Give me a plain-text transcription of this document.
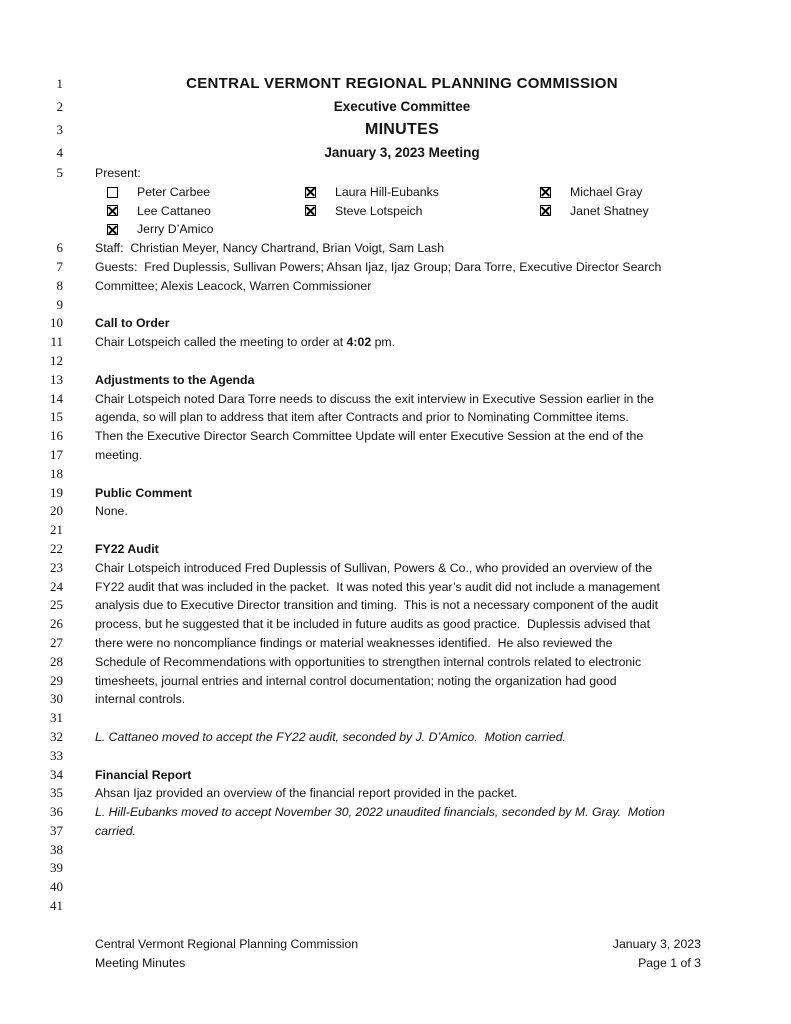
1	CENTRAL VERMONT REGIONAL PLANNING COMMISSION
2	Executive Committee
3	MINUTES
4	January 3, 2023 Meeting
5	Present:
Peter Carbee	Laura Hill-Eubanks	Michael Gray
Lee Cattaneo	Steve Lotspeich	Janet Shatney
Jerry D’Amico
6	Staff:  Christian Meyer, Nancy Chartrand, Brian Voigt, Sam Lash
7	Guests:  Fred Duplessis, Sullivan Powers; Ahsan Ijaz, Ijaz Group; Dara Torre, Executive Director Search
8	Committee; Alexis Leacock, Warren Commissioner
9
10	Call to Order
11	Chair Lotspeich called the meeting to order at 4:02 pm.
12
13	Adjustments to the Agenda
14	Chair Lotspeich noted Dara Torre needs to discuss the exit interview in Executive Session earlier in the
15	agenda, so will plan to address that item after Contracts and prior to Nominating Committee items.
16	Then the Executive Director Search Committee Update will enter Executive Session at the end of the
17	meeting.
18
19	Public Comment
20	None.
21
22	FY22 Audit
23	Chair Lotspeich introduced Fred Duplessis of Sullivan, Powers & Co., who provided an overview of the
24	FY22 audit that was included in the packet.  It was noted this year’s audit did not include a management
25	analysis due to Executive Director transition and timing.  This is not a necessary component of the audit
26	process, but he suggested that it be included in future audits as good practice.  Duplessis advised that
27	there were no noncompliance findings or material weaknesses identified.  He also reviewed the
28	Schedule of Recommendations with opportunities to strengthen internal controls related to electronic
29	timesheets, journal entries and internal control documentation; noting the organization had good
30	internal controls.
31
32	L. Cattaneo moved to accept the FY22 audit, seconded by J. D’Amico.  Motion carried.
33
34	Financial Report
35	Ahsan Ijaz provided an overview of the financial report provided in the packet.
36	L. Hill-Eubanks moved to accept November 30, 2022 unaudited financials, seconded by M. Gray.  Motion
37	carried.
38
39
40
41
Central Vermont Regional Planning Commission
Meeting Minutes
January 3, 2023
Page 1 of 3
